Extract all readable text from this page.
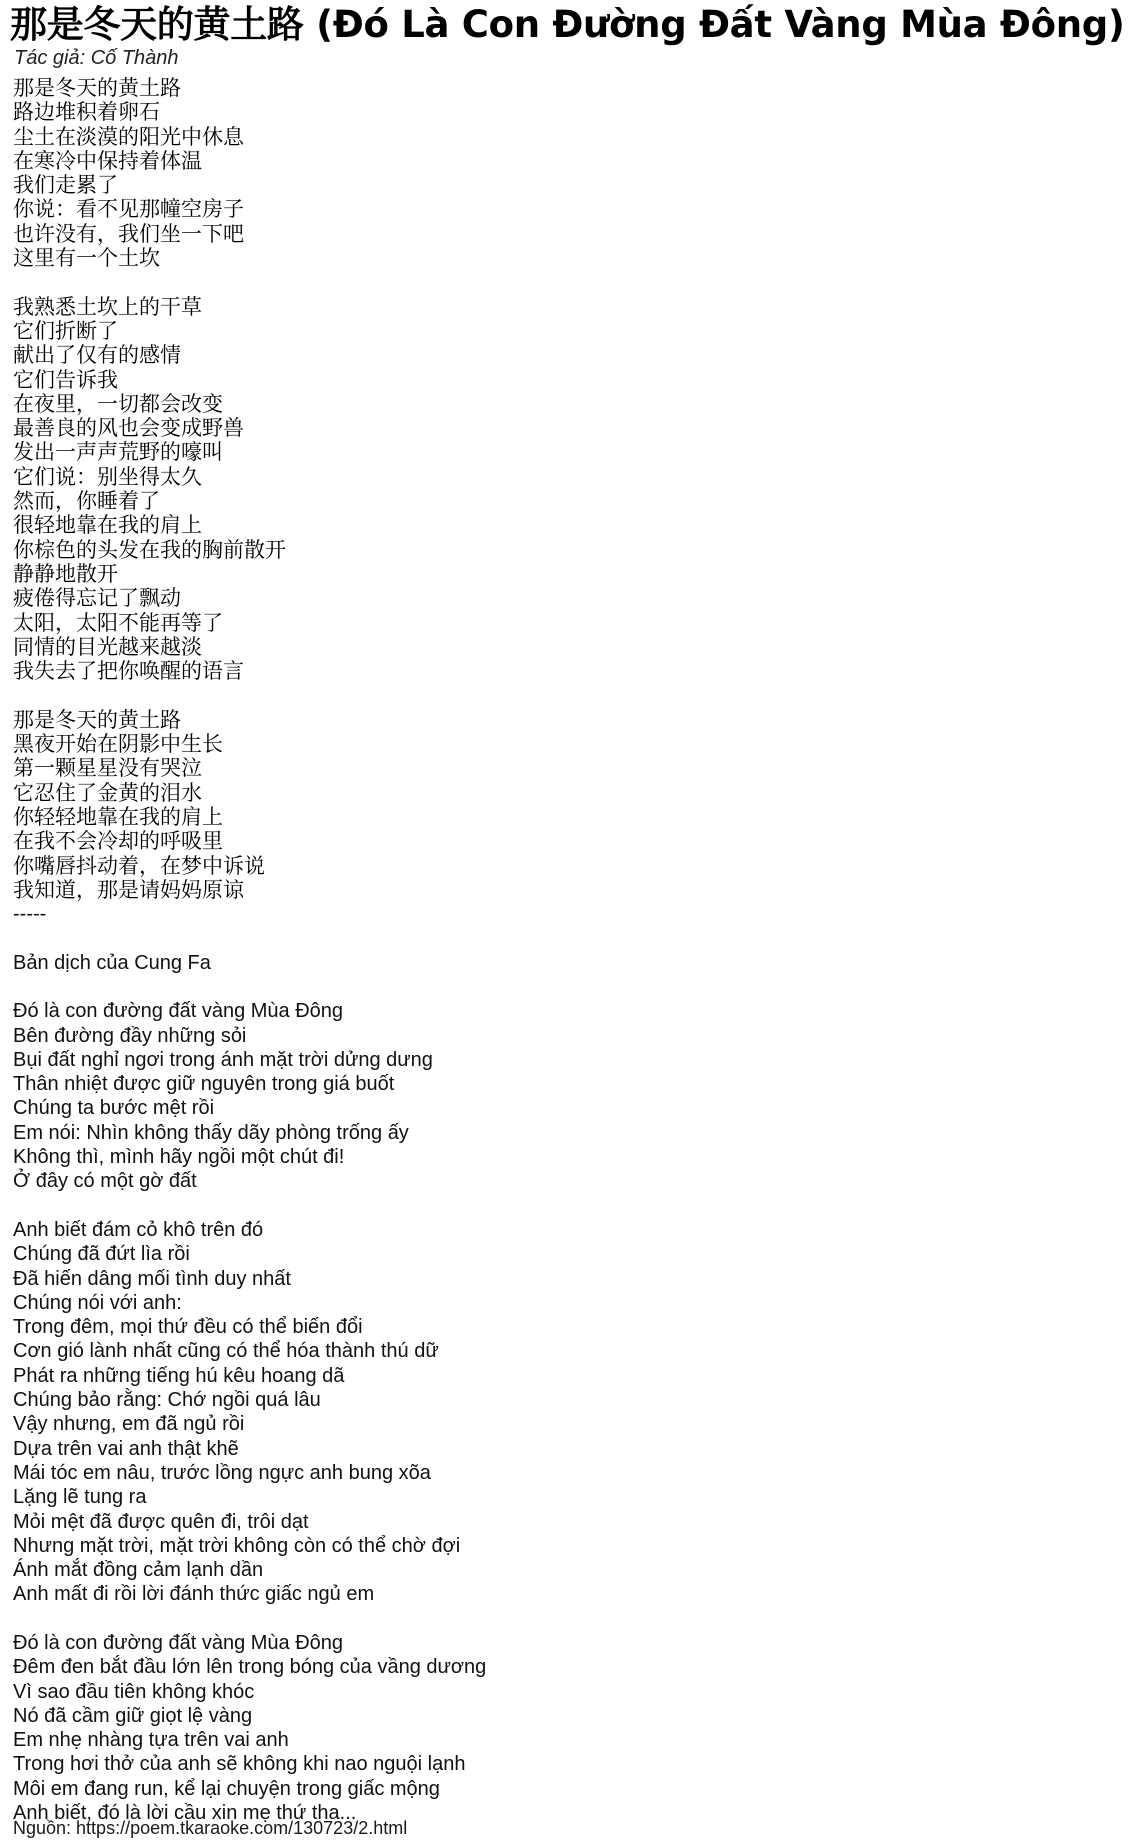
那是冬天的黄土路 (Đó Là Con Đường Đất Vàng Mùa Đông)
Tác giả: Cố Thành
那是冬天的黄土路
路边堆积着卵石
尘土在淡漠的阳光中休息
在寒冷中保持着体温
我们走累了
你说：看不见那幢空房子
也许没有，我们坐一下吧
这里有一个土坎
我熟悉土坎上的干草
它们折断了
献出了仅有的感情
它们告诉我
在夜里，一切都会改变
最善良的风也会变成野兽
发出一声声荒野的嚎叫
它们说：别坐得太久
然而，你睡着了
很轻地靠在我的肩上
你棕色的头发在我的胸前散开
静静地散开
疲倦得忘记了飘动
太阳，太阳不能再等了
同情的目光越来越淡
我失去了把你唤醒的语言
那是冬天的黄土路
黑夜开始在阴影中生长
第一颗星星没有哭泣
它忍住了金黄的泪水
你轻轻地靠在我的肩上
在我不会冷却的呼吸里
你嘴唇抖动着，在梦中诉说
我知道，那是请妈妈原谅
-----
Bản dịch của Cung Fa
Đó là con đường đất vàng Mùa Đông
Bên đường đầy những sỏi
Bụi đất nghỉ ngơi trong ánh mặt trời dửng dưng
Thân nhiệt được giữ nguyên trong giá buốt
Chúng ta bước mệt rồi
Em nói: Nhìn không thấy dãy phòng trống ấy
Không thì, mình hãy ngồi một chút đi!
Ở đây có một gờ đất
Anh biết đám cỏ khô trên đó
Chúng đã đứt lìa rồi
Đã hiến dâng mối tình duy nhất
Chúng nói với anh:
Trong đêm, mọi thứ đều có thể biến đổi
Cơn gió lành nhất cũng có thể hóa thành thú dữ
Phát ra những tiếng hú kêu hoang dã
Chúng bảo rằng: Chớ ngồi quá lâu
Vậy nhưng, em đã ngủ rồi
Dựa trên vai anh thật khẽ
Mái tóc em nâu, trước lồng ngực anh bung xõa
Lặng lẽ tung ra
Mỏi mệt đã được quên đi, trôi dạt
Nhưng mặt trời, mặt trời không còn có thể chờ đợi
Ánh mắt đồng cảm lạnh dần
Anh mất đi rồi lời đánh thức giấc ngủ em
Đó là con đường đất vàng Mùa Đông
Đêm đen bắt đầu lớn lên trong bóng của vầng dương
Vì sao đầu tiên không khóc
Nó đã cầm giữ giọt lệ vàng
Em nhẹ nhàng tựa trên vai anh
Trong hơi thở của anh sẽ không khi nao nguội lạnh
Môi em đang run, kể lại chuyện trong giấc mộng
Anh biết, đó là lời cầu xin mẹ thứ tha...
Nguồn: https://poem.tkaraoke.com/130723/2.html
